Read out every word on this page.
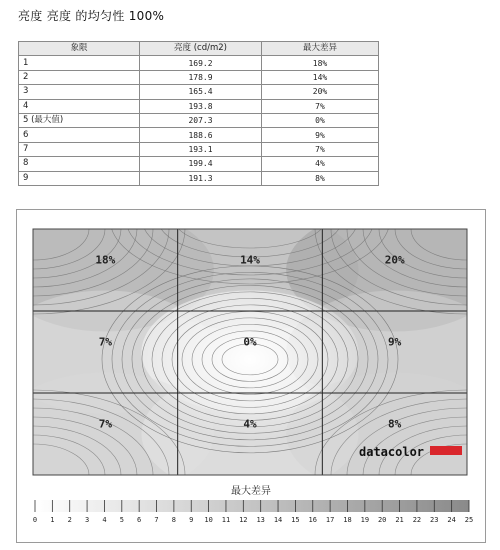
亮度 亮度 的均匀性 100%
象限	亮度 (cd/m2)	最大差异
1	169.2	18%
2	178.9	14%
3	165.4	20%
4	193.8	7%
5 (最大值)	207.3	0%
6	188.6	9%
7	193.1	7%
8	199.4	4%
9	191.3	8%
18%	14%	20%
7%	0%	9%
7%	4%	8%
datacolor
最大差异
0 1 2 3 4 5 6 7 8 9 10 11 12 13 14 15 16 17 18 19 20 21 22 23 24 25
